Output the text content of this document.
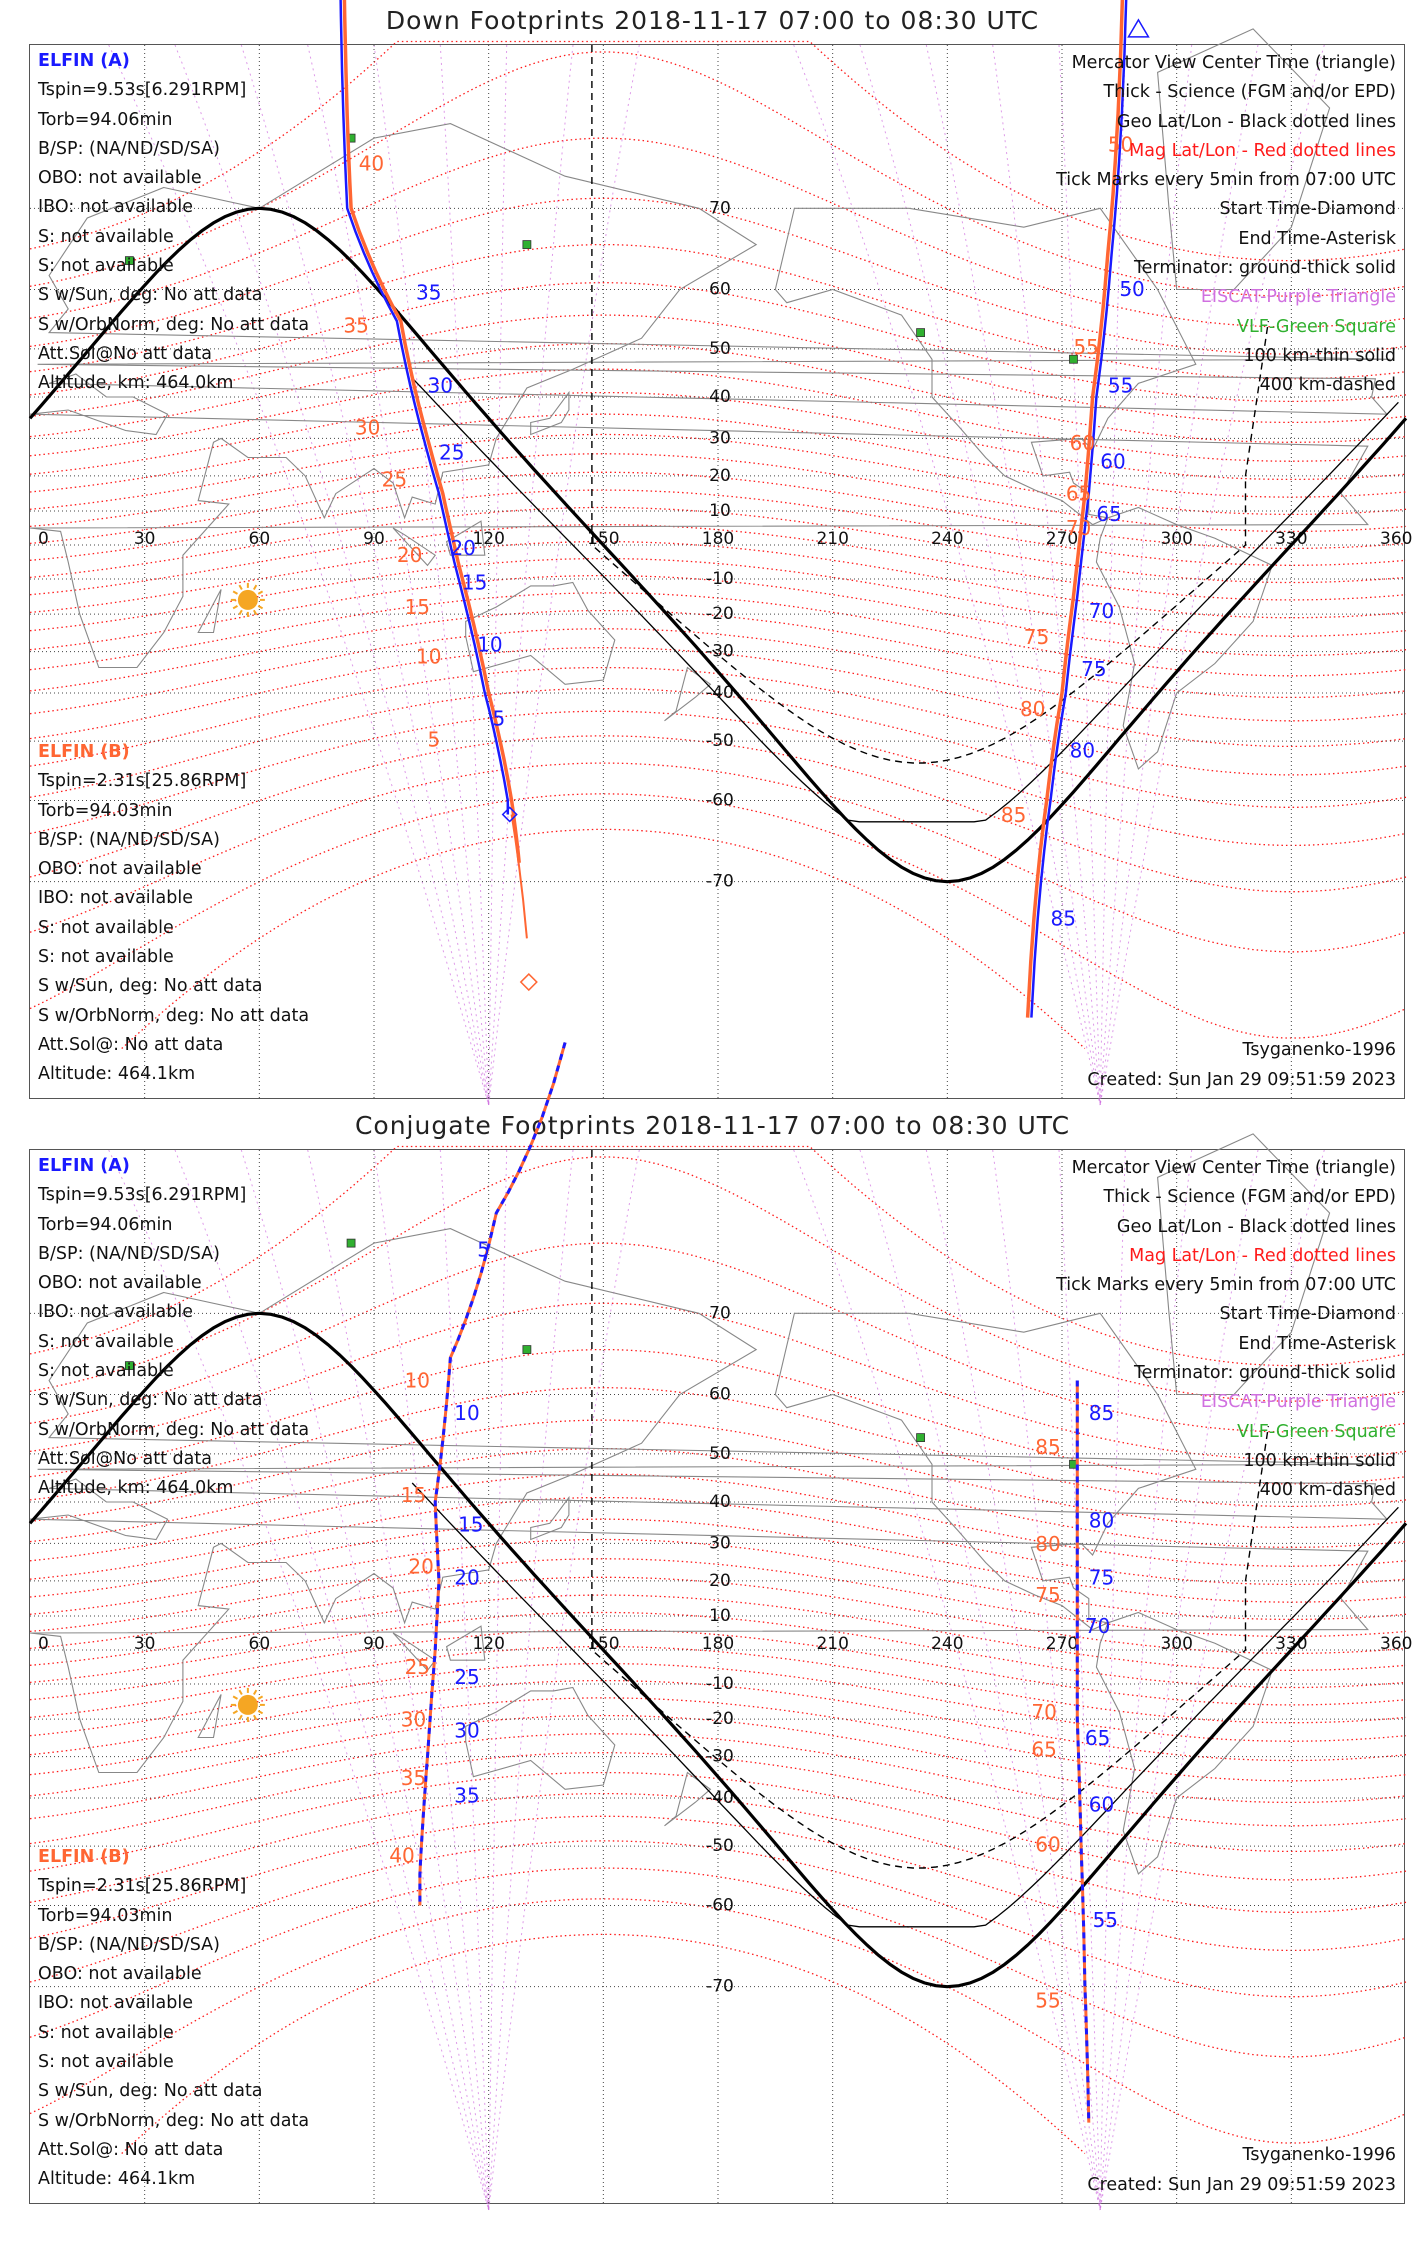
Down Footprints 2018-11-17 07:00 to 08:30 UTC
0	30	60	90	120	150	180	210	240	270	300	330	360
70
60
50
40
30
20
10
-10
-20
-30
-40
-50
-60
-70
35
30
25
20
15
10
5
50
55
60
65
70
75
80
85
40
35
30
25
20
15
10
5
50
55
60
65
70
75
80
85
ELFIN (A)
Tspin=9.53s[6.291RPM]
Torb=94.06min
B/SP: (NA/ND/SD/SA)
OBO: not available
IBO: not available
S: not available
S: not available
S w/Sun, deg: No att data
S w/OrbNorm, deg: No att data
Att.Sol@No att data
Altitude, km: 464.0km
ELFIN (B)
Tspin=2.31s[25.86RPM]
Torb=94.03min
B/SP: (NA/ND/SD/SA)
OBO: not available
IBO: not available
S: not available
S: not available
S w/Sun, deg: No att data
S w/OrbNorm, deg: No att data
Att.Sol@: No att data
Altitude: 464.1km
Mercator View Center Time (triangle)
Thick - Science (FGM and/or EPD)
Geo Lat/Lon - Black dotted lines
Mag Lat/Lon - Red dotted lines
Tick Marks every 5min from 07:00 UTC
Start Time-Diamond
End Time-Asterisk
Terminator: ground-thick solid
EISCAT-Purple Triangle
VLF-Green Square
100 km-thin solid
400 km-dashed
Tsyganenko-1996
Created: Sun Jan 29 09:51:59 2023
Conjugate Footprints 2018-11-17 07:00 to 08:30 UTC
0	30	60	90	120	150	180	210	240	270	300	330	360
70
60
50
40
30
20
10
-10
-20
-30
-40
-50
-60
-70
5
10
15
20
25
30
35
85
80
75
70
65
60
55
10
15
20
25
30
35
40
85
80
75
70
65
60
55
ELFIN (A)
Tspin=9.53s[6.291RPM]
Torb=94.06min
B/SP: (NA/ND/SD/SA)
OBO: not available
IBO: not available
S: not available
S: not available
S w/Sun, deg: No att data
S w/OrbNorm, deg: No att data
Att.Sol@No att data
Altitude, km: 464.0km
ELFIN (B)
Tspin=2.31s[25.86RPM]
Torb=94.03min
B/SP: (NA/ND/SD/SA)
OBO: not available
IBO: not available
S: not available
S: not available
S w/Sun, deg: No att data
S w/OrbNorm, deg: No att data
Att.Sol@: No att data
Altitude: 464.1km
Mercator View Center Time (triangle)
Thick - Science (FGM and/or EPD)
Geo Lat/Lon - Black dotted lines
Mag Lat/Lon - Red dotted lines
Tick Marks every 5min from 07:00 UTC
Start Time-Diamond
End Time-Asterisk
Terminator: ground-thick solid
EISCAT-Purple Triangle
VLF-Green Square
100 km-thin solid
400 km-dashed
Tsyganenko-1996
Created: Sun Jan 29 09:51:59 2023
